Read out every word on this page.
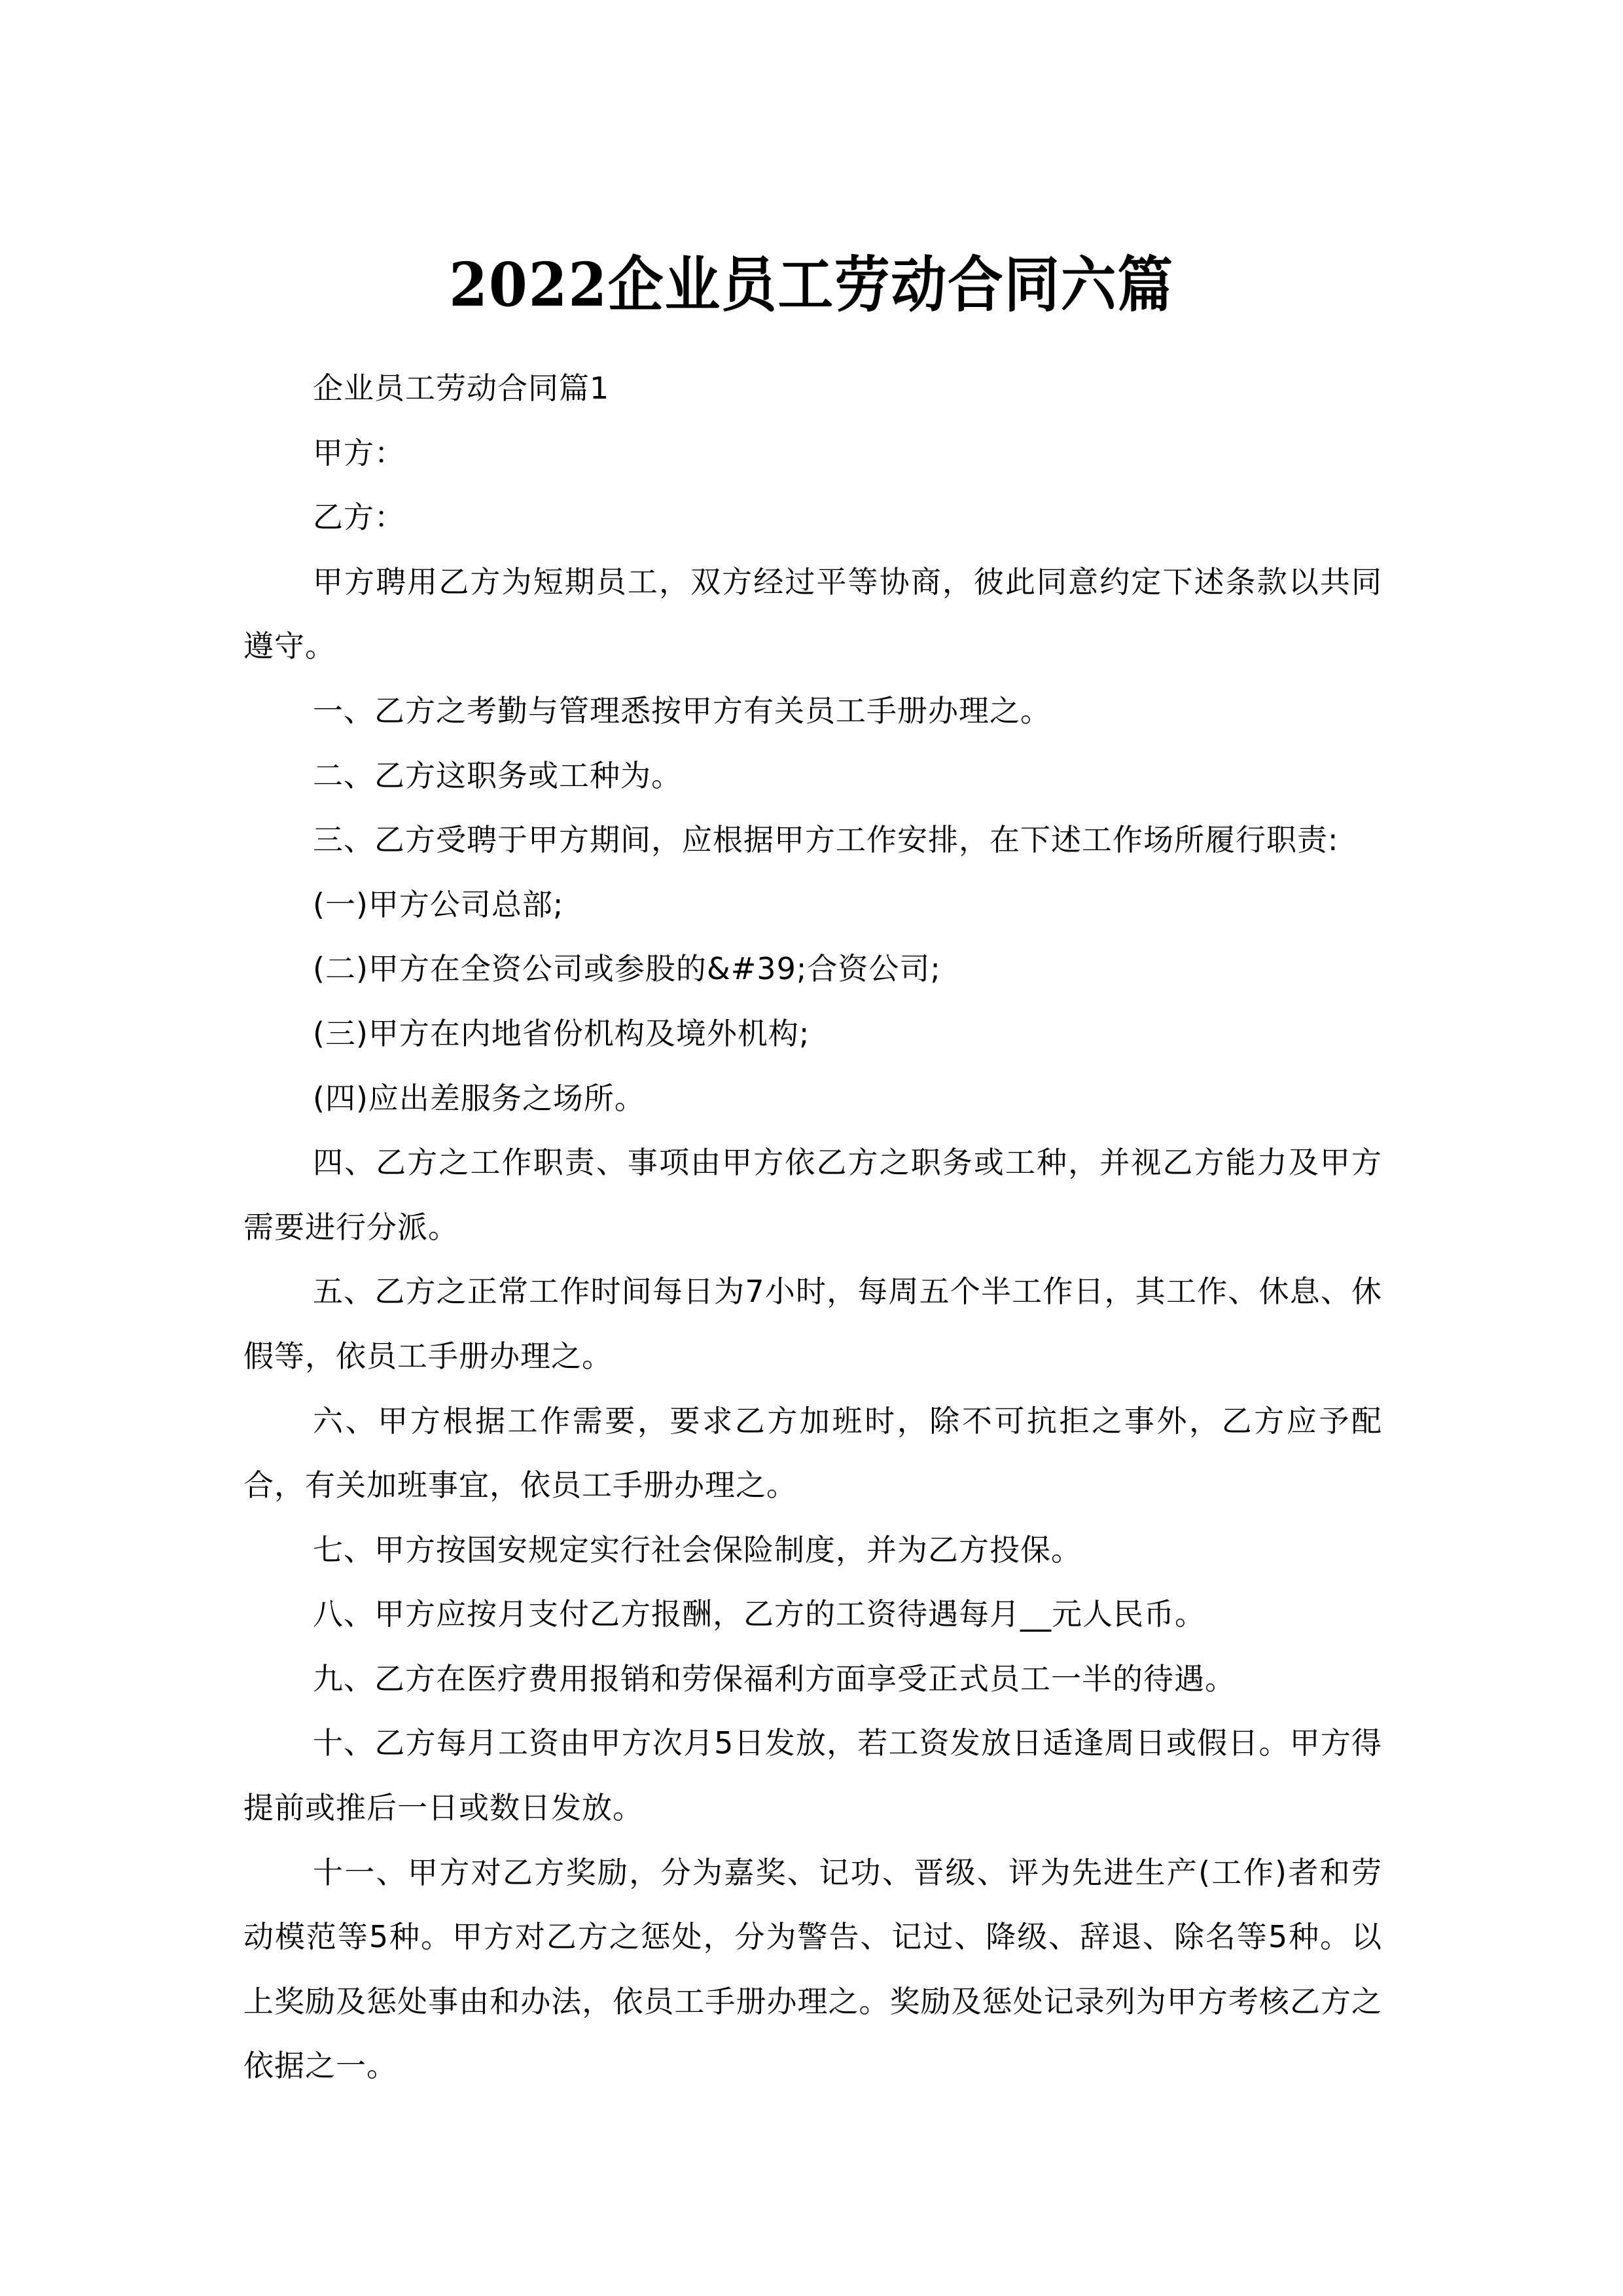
2022企业员工劳动合同六篇

企业员工劳动合同篇1

甲方：

乙方：

甲方聘用乙方为短期员工，双方经过平等协商，彼此同意约定下述条款以共同遵守。

一、乙方之考勤与管理悉按甲方有关员工手册办理之。

二、乙方这职务或工种为。

三、乙方受聘于甲方期间，应根据甲方工作安排，在下述工作场所履行职责:

(一)甲方公司总部;

(二)甲方在全资公司或参股的&#39;合资公司;

(三)甲方在内地省份机构及境外机构;

(四)应出差服务之场所。

四、乙方之工作职责、事项由甲方依乙方之职务或工种，并视乙方能力及甲方需要进行分派。

五、乙方之正常工作时间每日为7小时，每周五个半工作日，其工作、休息、休假等，依员工手册办理之。

六、甲方根据工作需要，要求乙方加班时，除不可抗拒之事外，乙方应予配合，有关加班事宜，依员工手册办理之。

七、甲方按国安规定实行社会保险制度，并为乙方投保。

八、甲方应按月支付乙方报酬，乙方的工资待遇每月__元人民币。

九、乙方在医疗费用报销和劳保福利方面享受正式员工一半的待遇。

十、乙方每月工资由甲方次月5日发放，若工资发放日适逢周日或假日。甲方得提前或推后一日或数日发放。

十一、甲方对乙方奖励，分为嘉奖、记功、晋级、评为先进生产(工作)者和劳动模范等5种。甲方对乙方之惩处，分为警告、记过、降级、辞退、除名等5种。以上奖励及惩处事由和办法，依员工手册办理之。奖励及惩处记录列为甲方考核乙方之依据之一。
